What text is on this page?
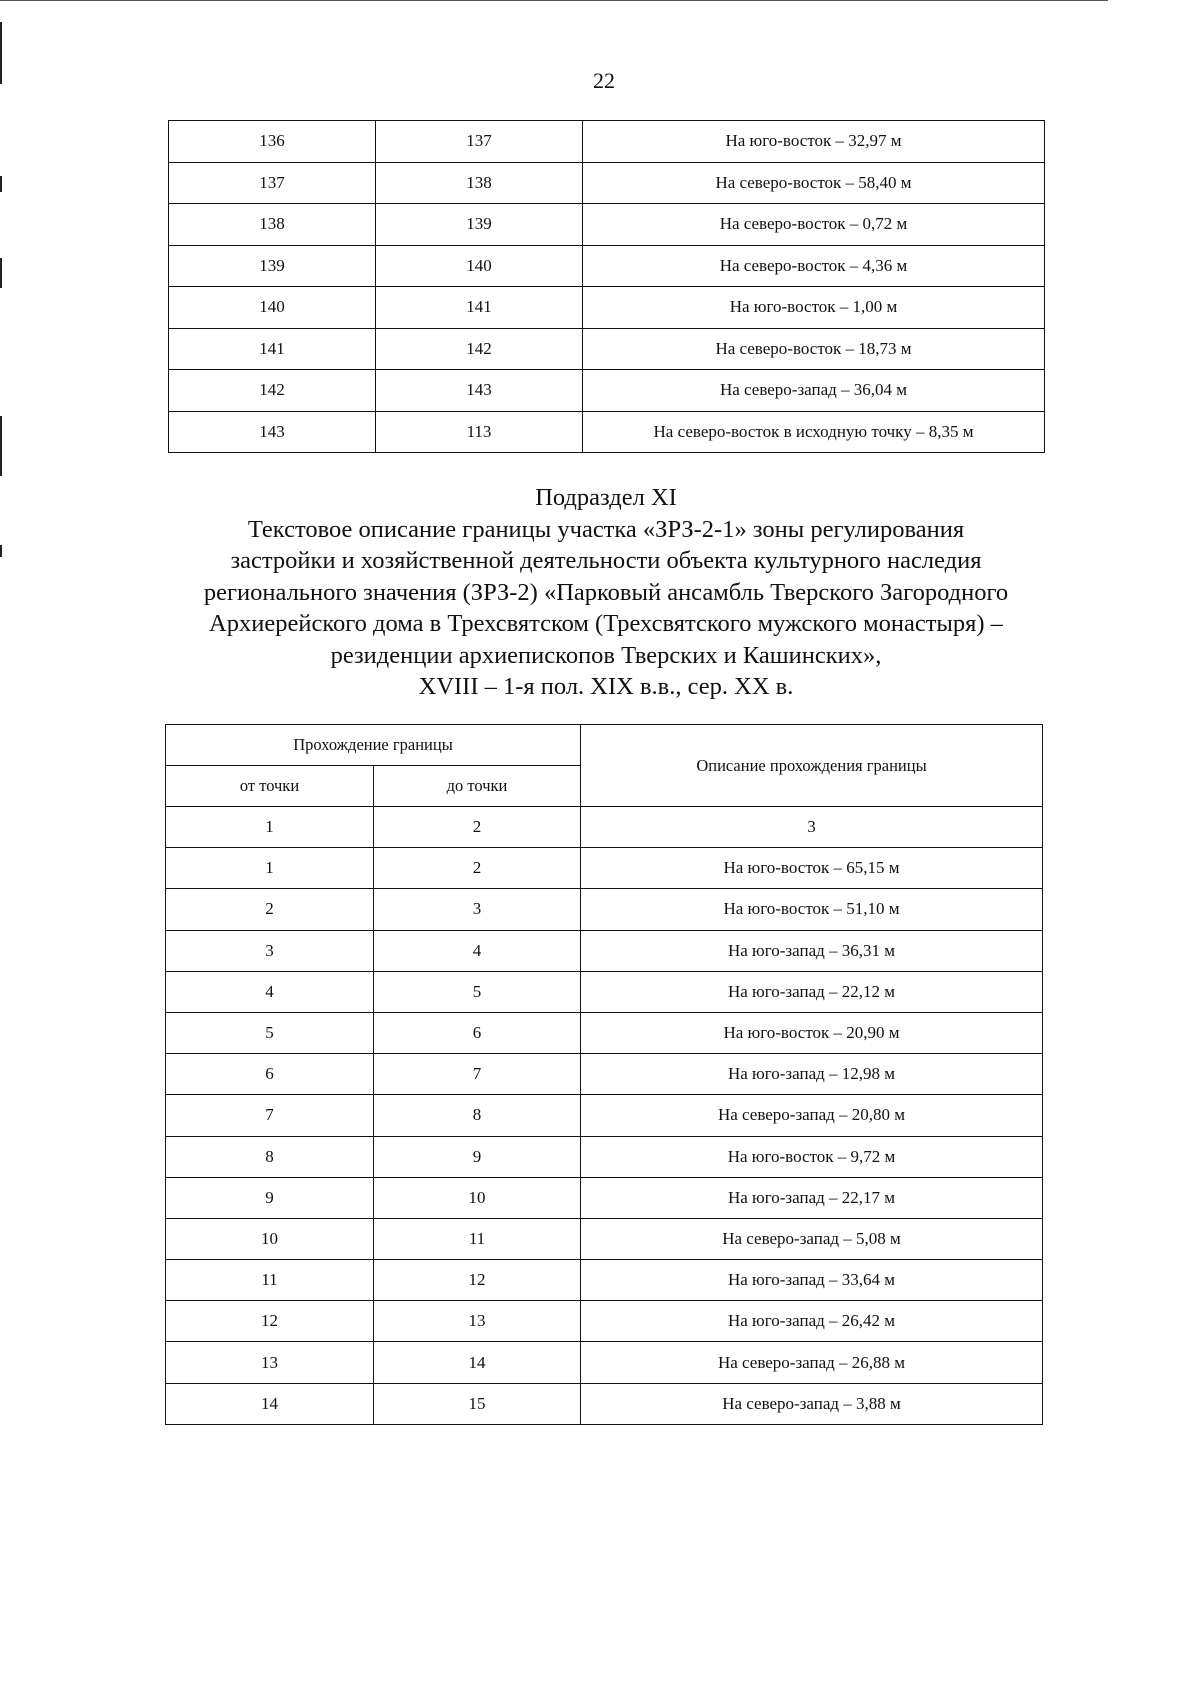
22
136	137	На юго-восток – 32,97 м
137	138	На северо-восток – 58,40 м
138	139	На северо-восток – 0,72 м
139	140	На северо-восток – 4,36 м
140	141	На юго-восток – 1,00 м
141	142	На северо-восток – 18,73 м
142	143	На северо-запад – 36,04 м
143	113	На северо-восток в исходную точку – 8,35 м
Подраздел XI
Текстовое описание границы участка «ЗРЗ-2-1» зоны регулирования
застройки и хозяйственной деятельности объекта культурного наследия
регионального значения (ЗРЗ-2) «Парковый ансамбль Тверского Загородного
Архиерейского дома в Трехсвятском (Трехсвятского мужского монастыря) –
резиденции архиепископов Тверских и Кашинских»,
XVIII – 1-я пол. XIX в.в., сер. XX в.
Прохождение границы		Описание прохождения границы
от точки	до точки	
1	2	3
1	2	На юго-восток – 65,15 м
2	3	На юго-восток – 51,10 м
3	4	На юго-запад – 36,31 м
4	5	На юго-запад – 22,12 м
5	6	На юго-восток – 20,90 м
6	7	На юго-запад – 12,98 м
7	8	На северо-запад – 20,80 м
8	9	На юго-восток – 9,72 м
9	10	На юго-запад – 22,17 м
10	11	На северо-запад – 5,08 м
11	12	На юго-запад – 33,64 м
12	13	На юго-запад – 26,42 м
13	14	На северо-запад – 26,88 м
14	15	На северо-запад – 3,88 м
